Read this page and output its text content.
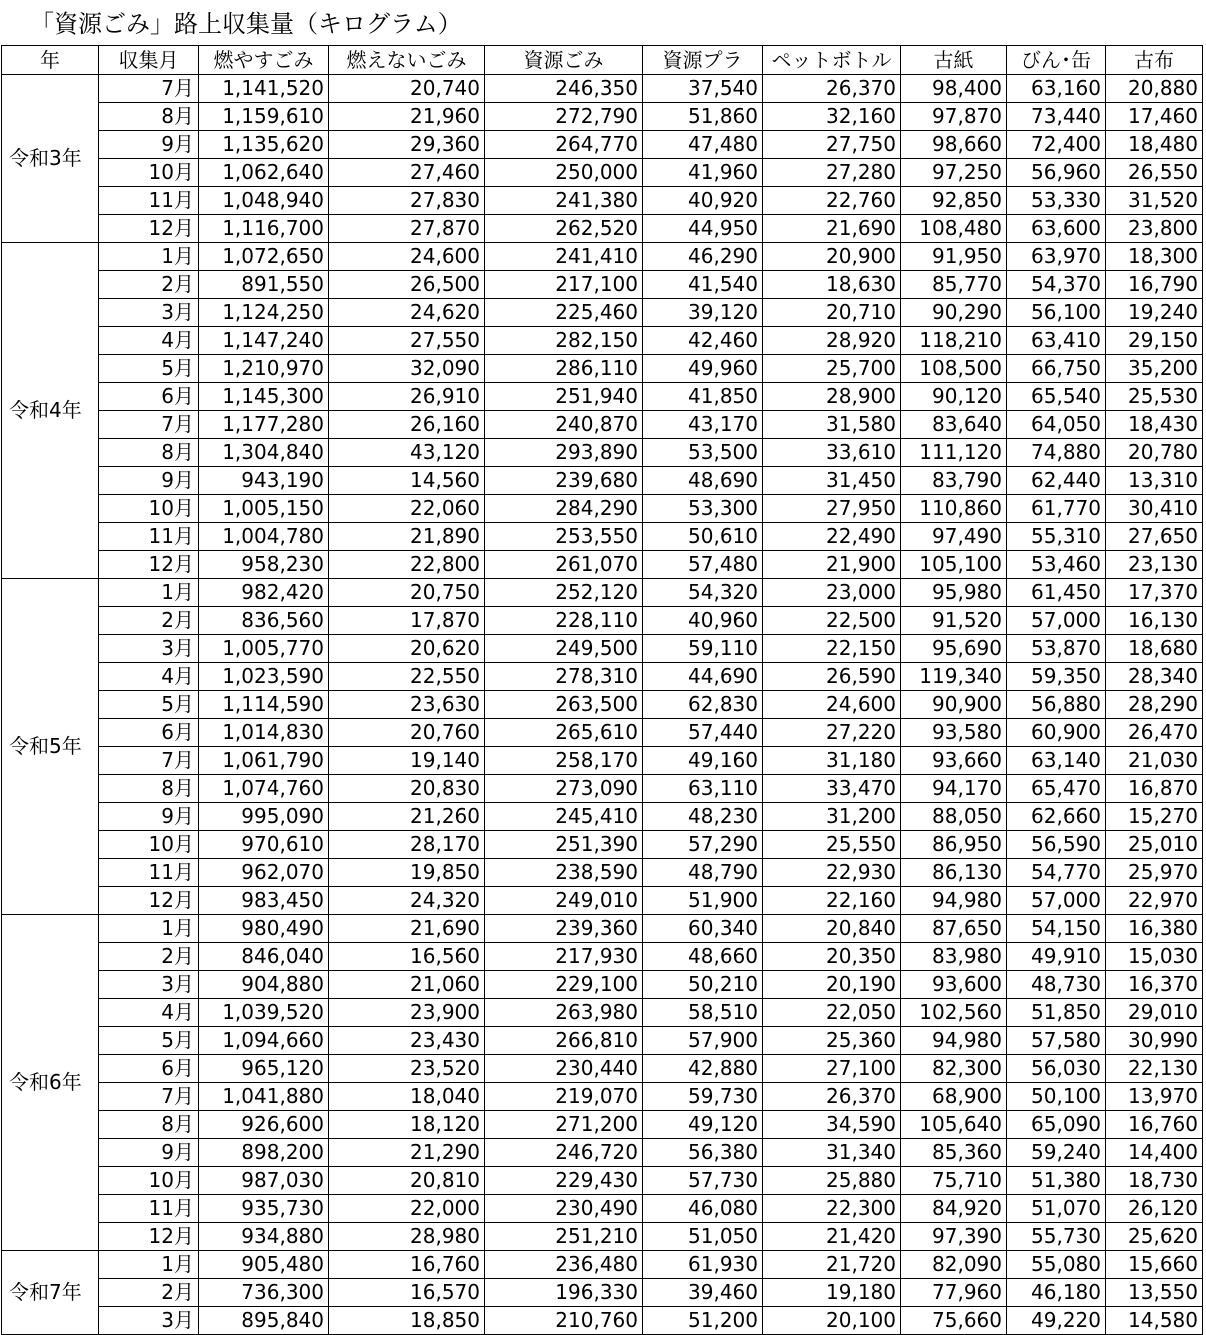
「資源ごみ」路上収集量（キログラム）
年	収集月	燃やすごみ	燃えないごみ	資源ごみ	資源プラ	ペットボトル	古紙	びん･缶	古布
令和3年	7月	1,141,520	20,740	246,350	37,540	26,370	98,400	63,160	20,880
	8月	1,159,610	21,960	272,790	51,860	32,160	97,870	73,440	17,460
	9月	1,135,620	29,360	264,770	47,480	27,750	98,660	72,400	18,480
	10月	1,062,640	27,460	250,000	41,960	27,280	97,250	56,960	26,550
	11月	1,048,940	27,830	241,380	40,920	22,760	92,850	53,330	31,520
	12月	1,116,700	27,870	262,520	44,950	21,690	108,480	63,600	23,800
令和4年	1月	1,072,650	24,600	241,410	46,290	20,900	91,950	63,970	18,300
	2月	891,550	26,500	217,100	41,540	18,630	85,770	54,370	16,790
	3月	1,124,250	24,620	225,460	39,120	20,710	90,290	56,100	19,240
	4月	1,147,240	27,550	282,150	42,460	28,920	118,210	63,410	29,150
	5月	1,210,970	32,090	286,110	49,960	25,700	108,500	66,750	35,200
	6月	1,145,300	26,910	251,940	41,850	28,900	90,120	65,540	25,530
	7月	1,177,280	26,160	240,870	43,170	31,580	83,640	64,050	18,430
	8月	1,304,840	43,120	293,890	53,500	33,610	111,120	74,880	20,780
	9月	943,190	14,560	239,680	48,690	31,450	83,790	62,440	13,310
	10月	1,005,150	22,060	284,290	53,300	27,950	110,860	61,770	30,410
	11月	1,004,780	21,890	253,550	50,610	22,490	97,490	55,310	27,650
	12月	958,230	22,800	261,070	57,480	21,900	105,100	53,460	23,130
令和5年	1月	982,420	20,750	252,120	54,320	23,000	95,980	61,450	17,370
	2月	836,560	17,870	228,110	40,960	22,500	91,520	57,000	16,130
	3月	1,005,770	20,620	249,500	59,110	22,150	95,690	53,870	18,680
	4月	1,023,590	22,550	278,310	44,690	26,590	119,340	59,350	28,340
	5月	1,114,590	23,630	263,500	62,830	24,600	90,900	56,880	28,290
	6月	1,014,830	20,760	265,610	57,440	27,220	93,580	60,900	26,470
	7月	1,061,790	19,140	258,170	49,160	31,180	93,660	63,140	21,030
	8月	1,074,760	20,830	273,090	63,110	33,470	94,170	65,470	16,870
	9月	995,090	21,260	245,410	48,230	31,200	88,050	62,660	15,270
	10月	970,610	28,170	251,390	57,290	25,550	86,950	56,590	25,010
	11月	962,070	19,850	238,590	48,790	22,930	86,130	54,770	25,970
	12月	983,450	24,320	249,010	51,900	22,160	94,980	57,000	22,970
令和6年	1月	980,490	21,690	239,360	60,340	20,840	87,650	54,150	16,380
	2月	846,040	16,560	217,930	48,660	20,350	83,980	49,910	15,030
	3月	904,880	21,060	229,100	50,210	20,190	93,600	48,730	16,370
	4月	1,039,520	23,900	263,980	58,510	22,050	102,560	51,850	29,010
	5月	1,094,660	23,430	266,810	57,900	25,360	94,980	57,580	30,990
	6月	965,120	23,520	230,440	42,880	27,100	82,300	56,030	22,130
	7月	1,041,880	18,040	219,070	59,730	26,370	68,900	50,100	13,970
	8月	926,600	18,120	271,200	49,120	34,590	105,640	65,090	16,760
	9月	898,200	21,290	246,720	56,380	31,340	85,360	59,240	14,400
	10月	987,030	20,810	229,430	57,730	25,880	75,710	51,380	18,730
	11月	935,730	22,000	230,490	46,080	22,300	84,920	51,070	26,120
	12月	934,880	28,980	251,210	51,050	21,420	97,390	55,730	25,620
令和7年	1月	905,480	16,760	236,480	61,930	21,720	82,090	55,080	15,660
	2月	736,300	16,570	196,330	39,460	19,180	77,960	46,180	13,550
	3月	895,840	18,850	210,760	51,200	20,100	75,660	49,220	14,580
